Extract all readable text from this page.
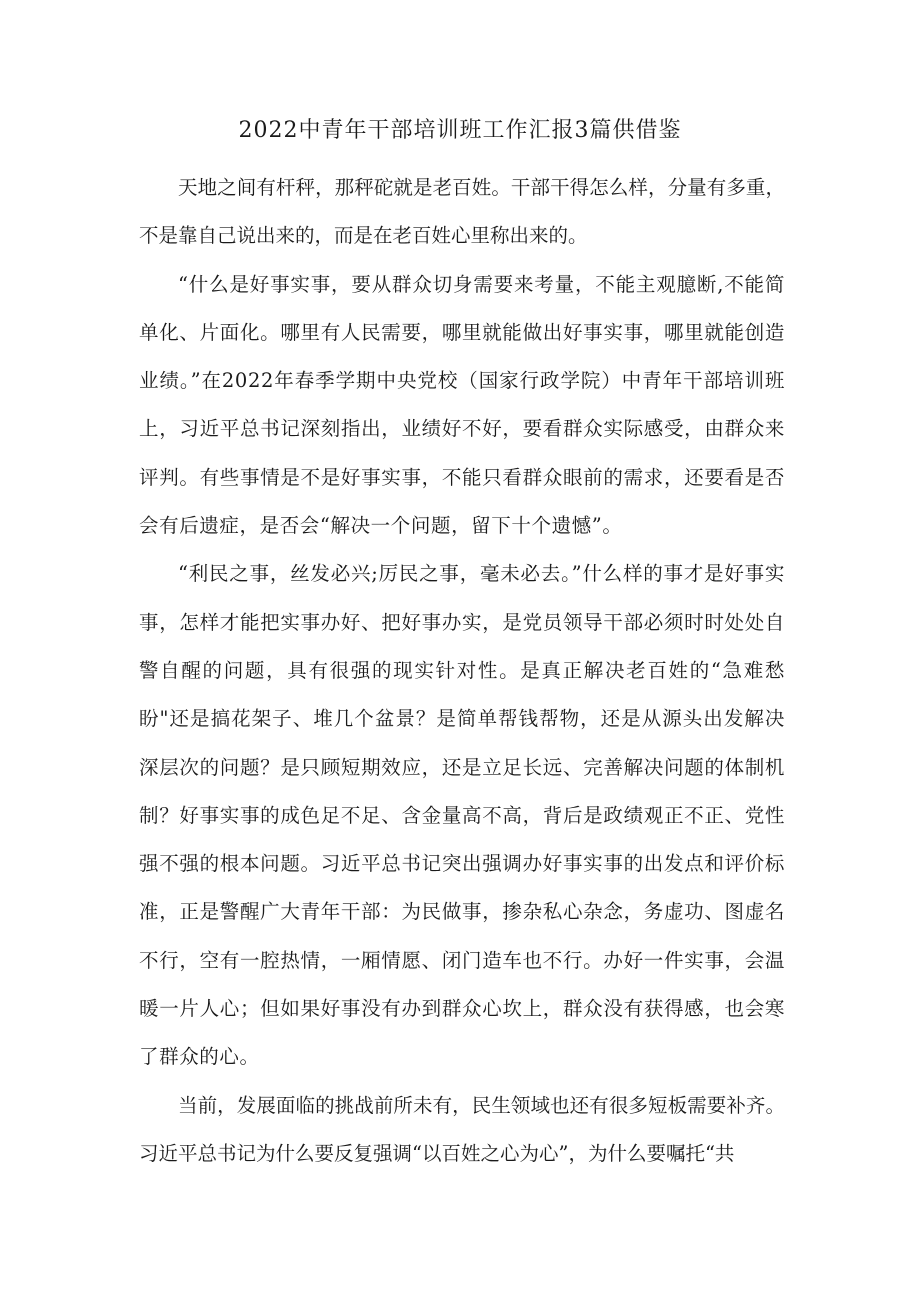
2022中青年干部培训班工作汇报3篇供借鉴

天地之间有杆秤，那秤砣就是老百姓。干部干得怎么样，分量有多重，不是靠自己说出来的，而是在老百姓心里称出来的。

“什么是好事实事，要从群众切身需要来考量，不能主观臆断,不能简单化、片面化。哪里有人民需要，哪里就能做出好事实事，哪里就能创造业绩。”在2022年春季学期中央党校（国家行政学院）中青年干部培训班上，习近平总书记深刻指出，业绩好不好，要看群众实际感受，由群众来评判。有些事情是不是好事实事，不能只看群众眼前的需求，还要看是否会有后遗症，是否会“解决一个问题，留下十个遗憾”。

“利民之事，丝发必兴;厉民之事，毫未必去。”什么样的事才是好事实事，怎样才能把实事办好、把好事办实，是党员领导干部必须时时处处自警自醒的问题，具有很强的现实针对性。是真正解决老百姓的“急难愁盼"还是搞花架子、堆几个盆景？是简单帮钱帮物，还是从源头出发解决深层次的问题？是只顾短期效应，还是立足长远、完善解决问题的体制机制？好事实事的成色足不足、含金量高不高，背后是政绩观正不正、党性强不强的根本问题。习近平总书记突出强调办好事实事的出发点和评价标准，正是警醒广大青年干部：为民做事，掺杂私心杂念，务虚功、图虚名不行，空有一腔热情，一厢情愿、闭门造车也不行。办好一件实事，会温暖一片人心；但如果好事没有办到群众心坎上，群众没有获得感，也会寒了群众的心。

当前，发展面临的挑战前所未有，民生领域也还有很多短板需要补齐。习近平总书记为什么要反复强调“以百姓之心为心”，为什么要嘱托“共
